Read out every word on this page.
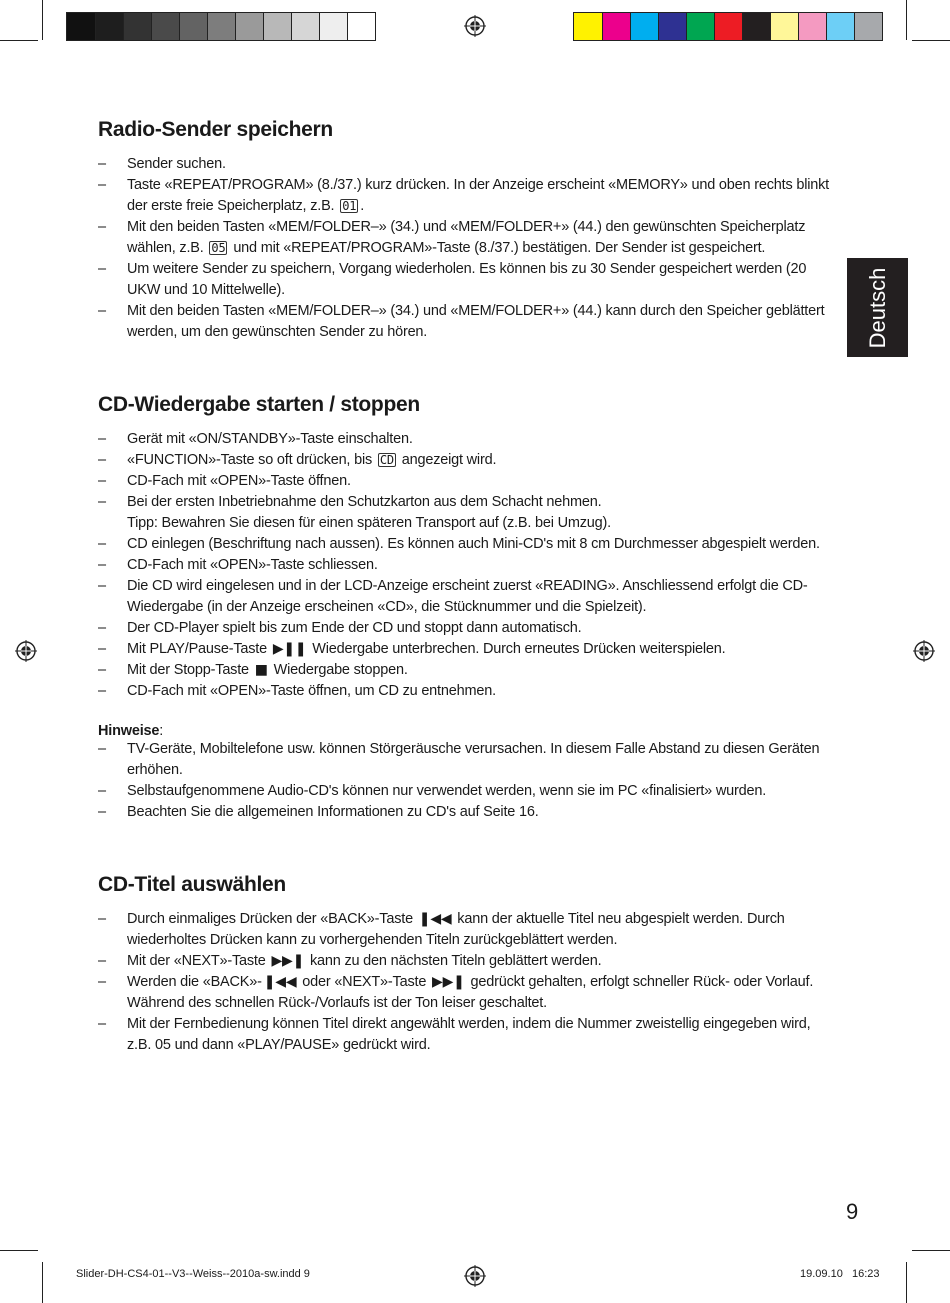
Deutsch
Radio-Sender speichern
– Sender suchen.
– Taste «REPEAT/PROGRAM» (8./37.) kurz drücken. In der Anzeige erscheint «MEMORY» und oben rechts blinkt der erste freie Speicherplatz, z.B. 01 .
– Mit den beiden Tasten «MEM/FOLDER–» (34.) und «MEM/FOLDER+» (44.) den gewünschten Speicherplatz wählen, z.B. 05 und mit «REPEAT/PROGRAM»-Taste (8./37.) bestätigen. Der Sender ist gespeichert.
– Um weitere Sender zu speichern, Vorgang wiederholen. Es können bis zu 30 Sender gespeichert werden (20 UKW und 10 Mittelwelle).
– Mit den beiden Tasten «MEM/FOLDER–» (34.) und «MEM/FOLDER+» (44.) kann durch den Speicher geblättert werden, um den gewünschten Sender zu hören.
CD-Wiedergabe starten / stoppen
– Gerät mit «ON/STANDBY»-Taste einschalten.
– «FUNCTION»-Taste so oft drücken, bis CD angezeigt wird.
– CD-Fach mit «OPEN»-Taste öffnen.
– Bei der ersten Inbetriebnahme den Schutzkarton aus dem Schacht nehmen.
Tipp: Bewahren Sie diesen für einen späteren Transport auf (z.B. bei Umzug).
– CD einlegen (Beschriftung nach aussen). Es können auch Mini-CD's mit 8 cm Durchmesser abgespielt werden.
– CD-Fach mit «OPEN»-Taste schliessen.
– Die CD wird eingelesen und in der LCD-Anzeige erscheint zuerst «READING». Anschliessend erfolgt die CD-Wiedergabe (in der Anzeige erscheinen «CD», die Stücknummer und die Spielzeit).
– Der CD-Player spielt bis zum Ende der CD und stoppt dann automatisch.
– Mit PLAY/Pause-Taste ▶❚❚ Wiedergabe unterbrechen. Durch erneutes Drücken weiterspielen.
– Mit der Stopp-Taste ■ Wiedergabe stoppen.
– CD-Fach mit «OPEN»-Taste öffnen, um CD zu entnehmen.

Hinweise:

– TV-Geräte, Mobiltelefone usw. können Störgeräusche verursachen. In diesem Falle Abstand zu diesen Geräten erhöhen.
– Selbstaufgenommene Audio-CD's können nur verwendet werden, wenn sie im PC «finalisiert» wurden.
– Beachten Sie die allgemeinen Informationen zu CD's auf Seite 16.
CD-Titel auswählen
– Durch einmaliges Drücken der «BACK»-Taste ❚◀◀ kann der aktuelle Titel neu abgespielt werden. Durch wiederholtes Drücken kann zu vorhergehenden Titeln zurückgeblättert werden.
– Mit der «NEXT»-Taste ▶▶❚ kann zu den nächsten Titeln geblättert werden.
– Werden die «BACK»- ❚◀◀ oder «NEXT»-Taste ▶▶❚ gedrückt gehalten, erfolgt schneller Rück- oder Vorlauf. Während des schnellen Rück-/Vorlaufs ist der Ton leiser geschaltet.
– Mit der Fernbedienung können Titel direkt angewählt werden, indem die Nummer zweistellig eingegeben wird, z.B. 05 und dann «PLAY/PAUSE» gedrückt wird.
9
Slider-DH-CS4-01--V3--Weiss--2010a-sw.indd 9	19.09.10   16:23
